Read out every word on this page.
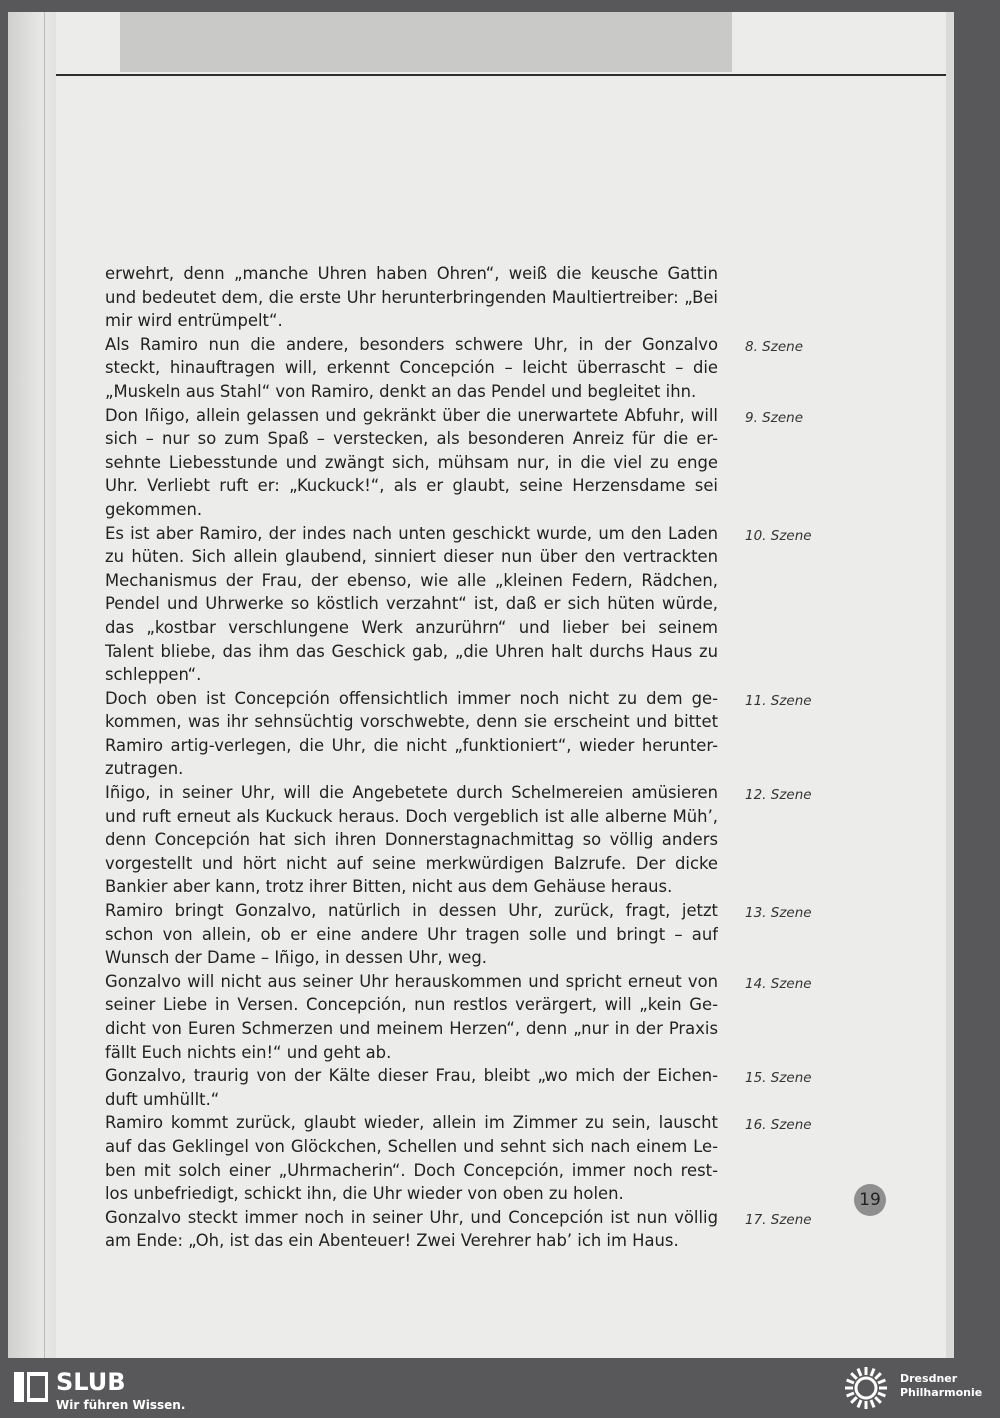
erwehrt, denn „manche Uhren haben Ohren“, weiß die keusche Gattin
und bedeutet dem, die erste Uhr herunterbringenden Maultiertreiber: „Bei
mir wird entrümpelt“.
8. Szene
Als Ramiro nun die andere, besonders schwere Uhr, in der Gonzalvo
steckt, hinauftragen will, erkennt Concepción – leicht überrascht – die
„Muskeln aus Stahl“ von Ramiro, denkt an das Pendel und begleitet ihn.
9. Szene
Don Iñigo, allein gelassen und gekränkt über die unerwartete Abfuhr, will
sich – nur so zum Spaß – verstecken, als besonderen Anreiz für die er-
sehnte Liebesstunde und zwängt sich, mühsam nur, in die viel zu enge
Uhr. Verliebt ruft er: „Kuckuck!“, als er glaubt, seine Herzensdame sei
gekommen.
10. Szene
Es ist aber Ramiro, der indes nach unten geschickt wurde, um den Laden
zu hüten. Sich allein glaubend, sinniert dieser nun über den vertrackten
Mechanismus der Frau, der ebenso, wie alle „kleinen Federn, Rädchen,
Pendel und Uhrwerke so köstlich verzahnt“ ist, daß er sich hüten würde,
das „kostbar verschlungene Werk anzurührn“ und lieber bei seinem
Talent bliebe, das ihm das Geschick gab, „die Uhren halt durchs Haus zu
schleppen“.
11. Szene
Doch oben ist Concepción offensichtlich immer noch nicht zu dem ge-
kommen, was ihr sehnsüchtig vorschwebte, denn sie erscheint und bittet
Ramiro artig-verlegen, die Uhr, die nicht „funktioniert“, wieder herunter-
zutragen.
12. Szene
Iñigo, in seiner Uhr, will die Angebetete durch Schelmereien amüsieren
und ruft erneut als Kuckuck heraus. Doch vergeblich ist alle alberne Müh’,
denn Concepción hat sich ihren Donnerstagnachmittag so völlig anders
vorgestellt und hört nicht auf seine merkwürdigen Balzrufe. Der dicke
Bankier aber kann, trotz ihrer Bitten, nicht aus dem Gehäuse heraus.
13. Szene
Ramiro bringt Gonzalvo, natürlich in dessen Uhr, zurück, fragt, jetzt
schon von allein, ob er eine andere Uhr tragen solle und bringt – auf
Wunsch der Dame – Iñigo, in dessen Uhr, weg.
14. Szene
Gonzalvo will nicht aus seiner Uhr herauskommen und spricht erneut von
seiner Liebe in Versen. Concepción, nun restlos verärgert, will „kein Ge-
dicht von Euren Schmerzen und meinem Herzen“, denn „nur in der Praxis
fällt Euch nichts ein!“ und geht ab.
15. Szene
Gonzalvo, traurig von der Kälte dieser Frau, bleibt „wo mich der Eichen-
duft umhüllt.“
16. Szene
Ramiro kommt zurück, glaubt wieder, allein im Zimmer zu sein, lauscht
auf das Geklingel von Glöckchen, Schellen und sehnt sich nach einem Le-
ben mit solch einer „Uhrmacherin“. Doch Concepción, immer noch rest-
los unbefriedigt, schickt ihn, die Uhr wieder von oben zu holen.
17. Szene
Gonzalvo steckt immer noch in seiner Uhr, und Concepción ist nun völlig
am Ende: „Oh, ist das ein Abenteuer! Zwei Verehrer hab’ ich im Haus.
19
SLUB
Wir führen Wissen.
Dresdner
Philharmonie
